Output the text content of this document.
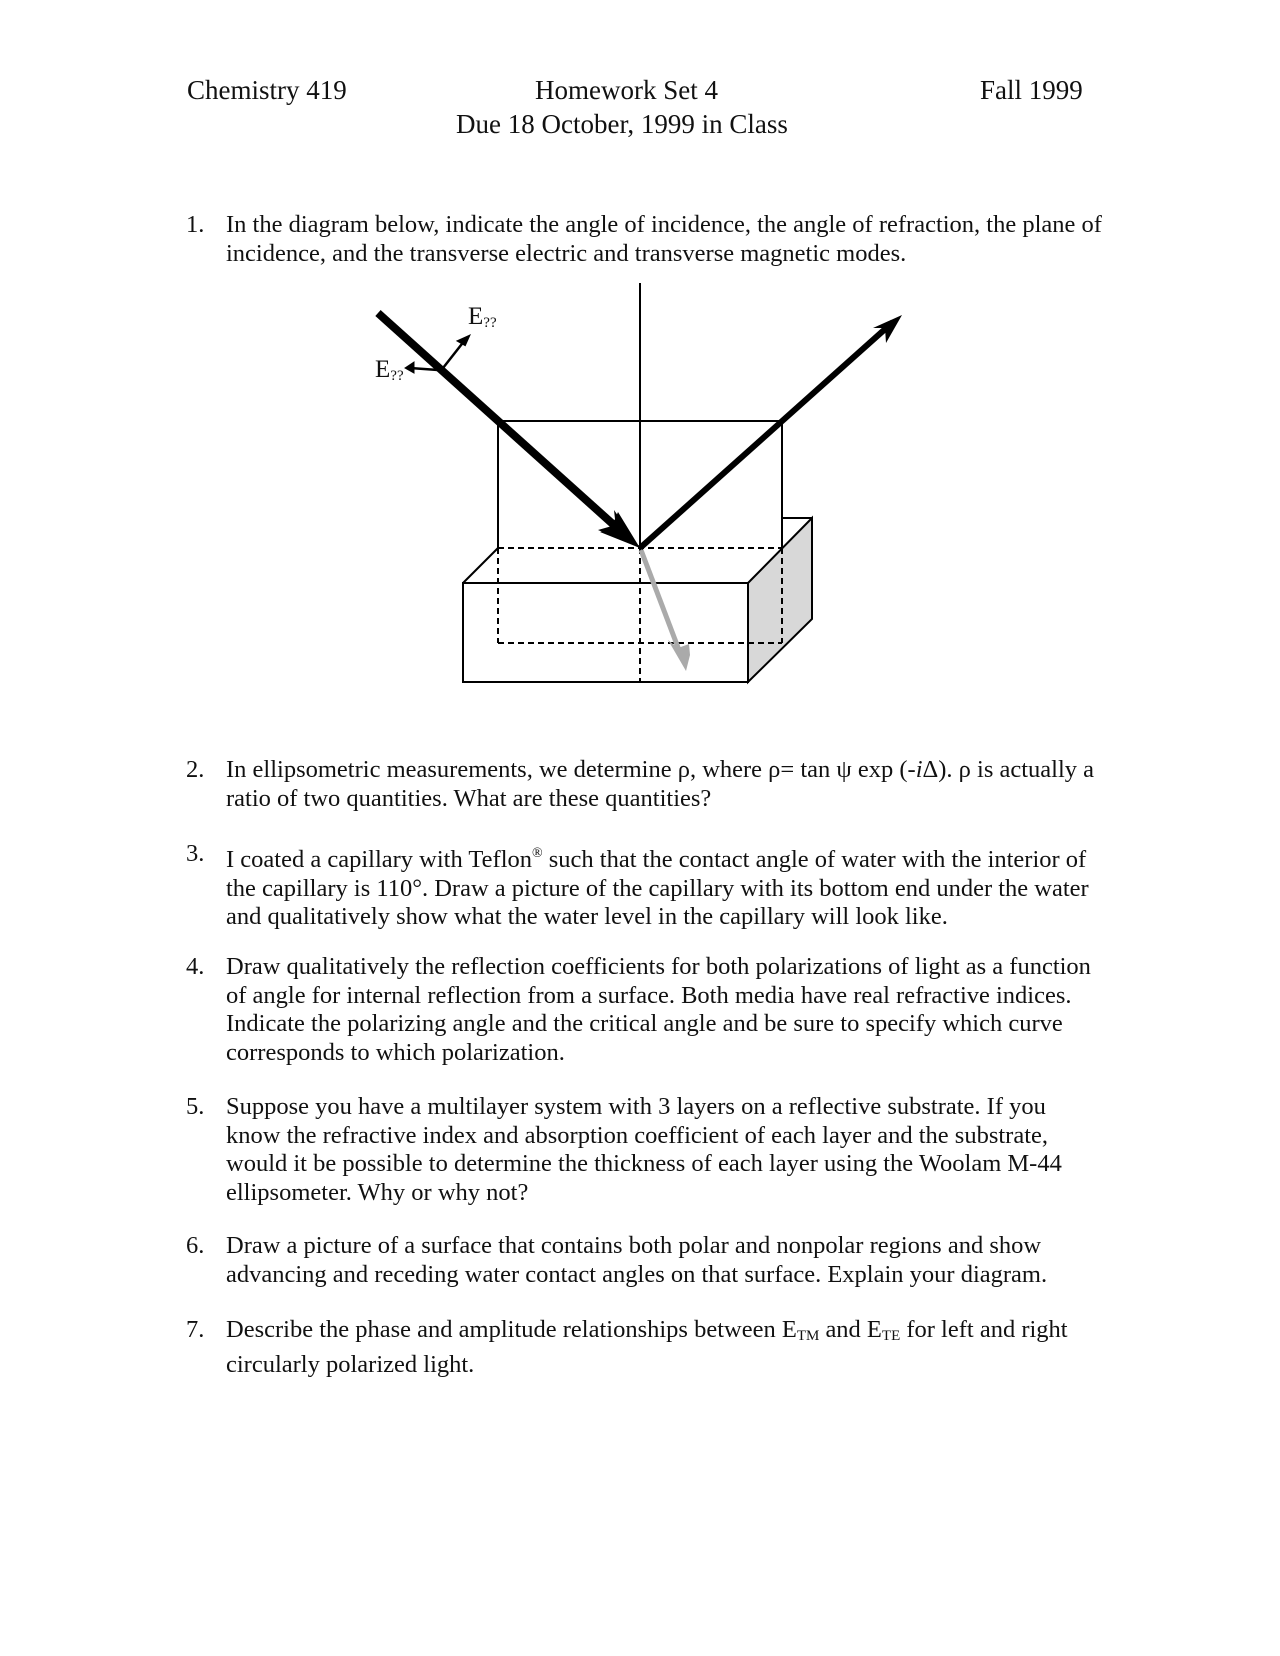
Chemistry 419	Homework Set 4	Fall 1999
Due 18 October, 1999 in Class
1. In the diagram below, indicate the angle of incidence, the angle of refraction, the plane of incidence, and the transverse electric and transverse magnetic modes.
$E_{??}$
$E_{??}$
2. In ellipsometric measurements, we determine ρ, where ρ= tan ψ exp (-iΔ). ρ is actually a ratio of two quantities. What are these quantities?
3. I coated a capillary with Teflon® such that the contact angle of water with the interior of the capillary is 110°. Draw a picture of the capillary with its bottom end under the water and qualitatively show what the water level in the capillary will look like.
4. Draw qualitatively the reflection coefficients for both polarizations of light as a function of angle for internal reflection from a surface. Both media have real refractive indices. Indicate the polarizing angle and the critical angle and be sure to specify which curve corresponds to which polarization.
5. Suppose you have a multilayer system with 3 layers on a reflective substrate. If you know the refractive index and absorption coefficient of each layer and the substrate, would it be possible to determine the thickness of each layer using the Woolam M-44 ellipsometer. Why or why not?
6. Draw a picture of a surface that contains both polar and nonpolar regions and show advancing and receding water contact angles on that surface. Explain your diagram.
7. Describe the phase and amplitude relationships between $E_{TM}$ and $E_{TE}$ for left and right circularly polarized light.
